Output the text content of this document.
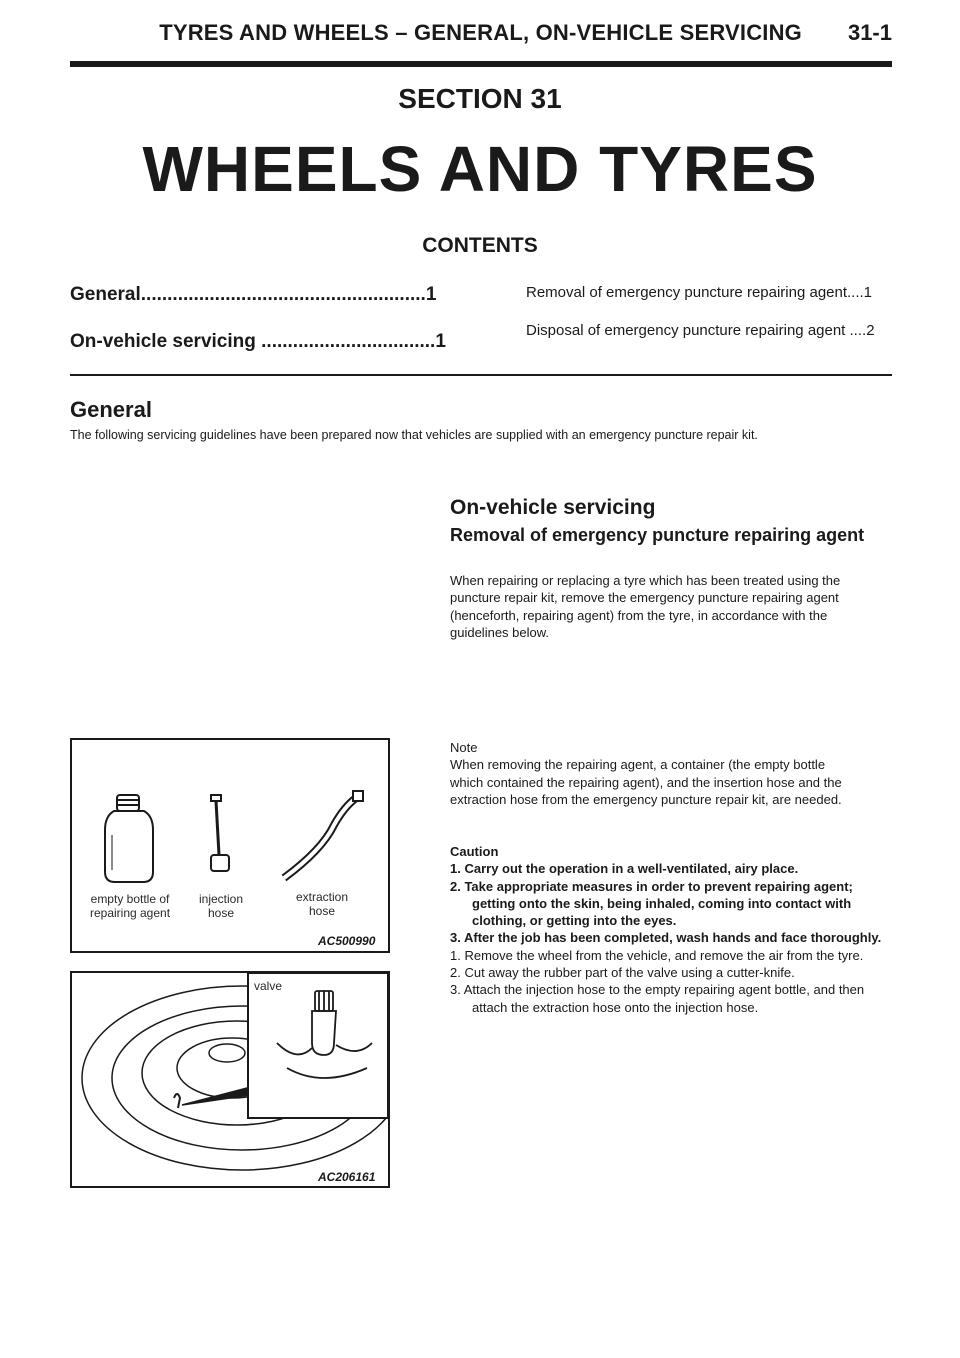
TYRES AND WHEELS – GENERAL, ON-VEHICLE SERVICING 31-1
SECTION 31
WHEELS AND TYRES
CONTENTS
General......................................................1
On-vehicle servicing .................................1
Removal of emergency puncture repairing agent....1
Disposal of emergency puncture repairing agent ....2
General
The following servicing guidelines have been prepared now that vehicles are supplied with an emergency puncture repair kit.
On-vehicle servicing
Removal of emergency puncture repairing agent

When repairing or replacing a tyre which has been treated using the

puncture repair kit, remove the emergency puncture repairing agent

(henceforth, repairing agent) from the tyre, in accordance with the

guidelines below.

Note

When removing the repairing agent, a container (the empty bottle

which contained the repairing agent), and the insertion hose and the

extraction hose from the emergency puncture repair kit, are needed.

Caution

1. Carry out the operation in a well-ventilated, airy place.

2. Take appropriate measures in order to prevent repairing agent; getting onto the skin, being inhaled, coming into contact with clothing, or getting into the eyes.

3. After the job has been completed, wash hands and face thoroughly.

1. Remove the wheel from the vehicle, and remove the air from the tyre.

2. Cut away the rubber part of the valve using a cutter-knife.

3. Attach the injection hose to the empty repairing agent bottle, and then attach the extraction hose onto the injection hose.

empty bottle of
repairing agent
injection
hose
extraction
hose
AC500990
valve
AC206161
